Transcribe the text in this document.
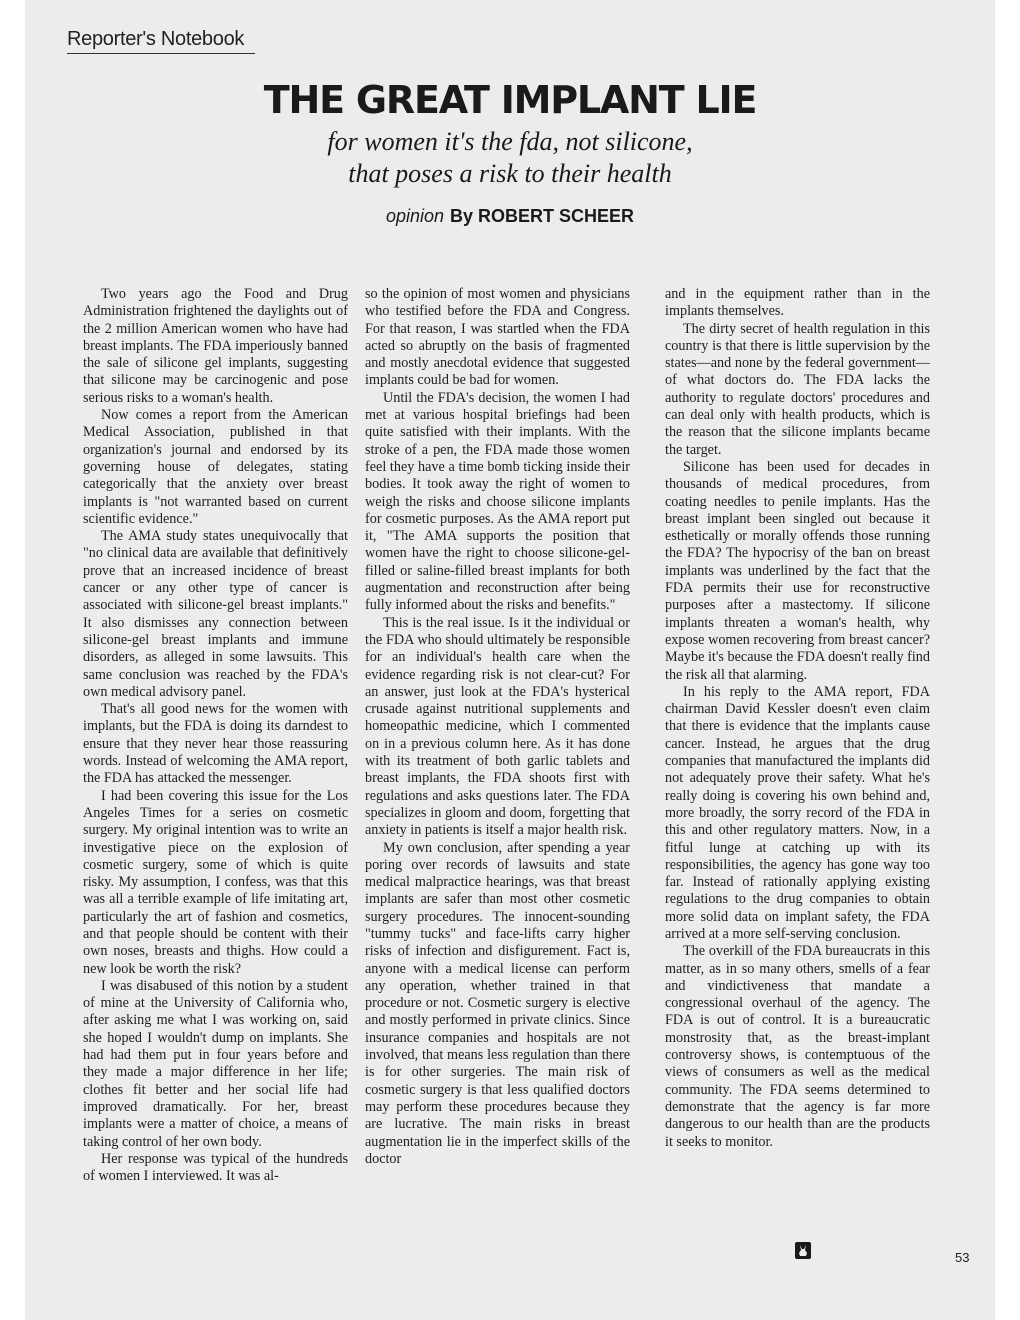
Reporter's Notebook
THE GREAT IMPLANT LIE
for women it's the fda, not silicone,
that poses a risk to their health
opinion By ROBERT SCHEER

Two years ago the Food and Drug Administration frightened the daylights out of the 2 million American women who have had breast implants. The FDA imperiously banned the sale of silicone gel implants, suggesting that silicone may be carcinogenic and pose serious risks to a woman's health.

Now comes a report from the American Medical Association, published in that organization's journal and endorsed by its governing house of delegates, stating categorically that the anxiety over breast implants is "not warranted based on current scientific evidence."

The AMA study states unequivocally that "no clinical data are available that definitively prove that an increased incidence of breast cancer or any other type of cancer is associated with silicone-gel breast implants." It also dismisses any connection between silicone-gel breast implants and immune disorders, as alleged in some lawsuits. This same conclusion was reached by the FDA's own medical advisory panel.

That's all good news for the women with implants, but the FDA is doing its darndest to ensure that they never hear those reassuring words. Instead of welcoming the AMA report, the FDA has attacked the messenger.

I had been covering this issue for the Los Angeles Times for a series on cosmetic surgery. My original intention was to write an investigative piece on the explosion of cosmetic surgery, some of which is quite risky. My assumption, I confess, was that this was all a terrible example of life imitating art, particularly the art of fashion and cosmetics, and that people should be content with their own noses, breasts and thighs. How could a new look be worth the risk?

I was disabused of this notion by a student of mine at the University of California who, after asking me what I was working on, said she hoped I wouldn't dump on implants. She had had them put in four years before and they made a major difference in her life; clothes fit better and her social life had improved dramatically. For her, breast implants were a matter of choice, a means of taking control of her own body.

Her response was typical of the hundreds of women I interviewed. It was al-

so the opinion of most women and physicians who testified before the FDA and Congress. For that reason, I was startled when the FDA acted so abruptly on the basis of fragmented and mostly anecdotal evidence that suggested implants could be bad for women.

Until the FDA's decision, the women I had met at various hospital briefings had been quite satisfied with their implants. With the stroke of a pen, the FDA made those women feel they have a time bomb ticking inside their bodies. It took away the right of women to weigh the risks and choose silicone implants for cosmetic purposes. As the AMA report put it, "The AMA supports the position that women have the right to choose silicone-gel-filled or saline-filled breast implants for both augmentation and reconstruction after being fully informed about the risks and benefits."

This is the real issue. Is it the individual or the FDA who should ultimately be responsible for an individual's health care when the evidence regarding risk is not clear-cut? For an answer, just look at the FDA's hysterical crusade against nutritional supplements and homeopathic medicine, which I commented on in a previous column here. As it has done with its treatment of both garlic tablets and breast implants, the FDA shoots first with regulations and asks questions later. The FDA specializes in gloom and doom, forgetting that anxiety in patients is itself a major health risk.

My own conclusion, after spending a year poring over records of lawsuits and state medical malpractice hearings, was that breast implants are safer than most other cosmetic surgery procedures. The innocent-sounding "tummy tucks" and face-lifts carry higher risks of infection and disfigurement. Fact is, anyone with a medical license can perform any operation, whether trained in that procedure or not. Cosmetic surgery is elective and mostly performed in private clinics. Since insurance companies and hospitals are not involved, that means less regulation than there is for other surgeries. The main risk of cosmetic surgery is that less qualified doctors may perform these procedures because they are lucrative. The main risks in breast augmentation lie in the imperfect skills of the doctor

and in the equipment rather than in the implants themselves.

The dirty secret of health regulation in this country is that there is little supervision by the states—and none by the federal government—of what doctors do. The FDA lacks the authority to regulate doctors' procedures and can deal only with health products, which is the reason that the silicone implants became the target.

Silicone has been used for decades in thousands of medical procedures, from coating needles to penile implants. Has the breast implant been singled out because it esthetically or morally offends those running the FDA? The hypocrisy of the ban on breast implants was underlined by the fact that the FDA permits their use for reconstructive purposes after a mastectomy. If silicone implants threaten a woman's health, why expose women recovering from breast cancer? Maybe it's because the FDA doesn't really find the risk all that alarming.

In his reply to the AMA report, FDA chairman David Kessler doesn't even claim that there is evidence that the implants cause cancer. Instead, he argues that the drug companies that manufactured the implants did not adequately prove their safety. What he's really doing is covering his own behind and, more broadly, the sorry record of the FDA in this and other regulatory matters. Now, in a fitful lunge at catching up with its responsibilities, the agency has gone way too far. Instead of rationally applying existing regulations to the drug companies to obtain more solid data on implant safety, the FDA arrived at a more self-serving conclusion.

The overkill of the FDA bureaucrats in this matter, as in so many others, smells of a fear and vindictiveness that mandate a congressional overhaul of the agency. The FDA is out of control. It is a bureaucratic monstrosity that, as the breast-implant controversy shows, is contemptuous of the views of consumers as well as the medical community. The FDA seems determined to demonstrate that the agency is far more dangerous to our health than are the products it seeks to monitor.

53
